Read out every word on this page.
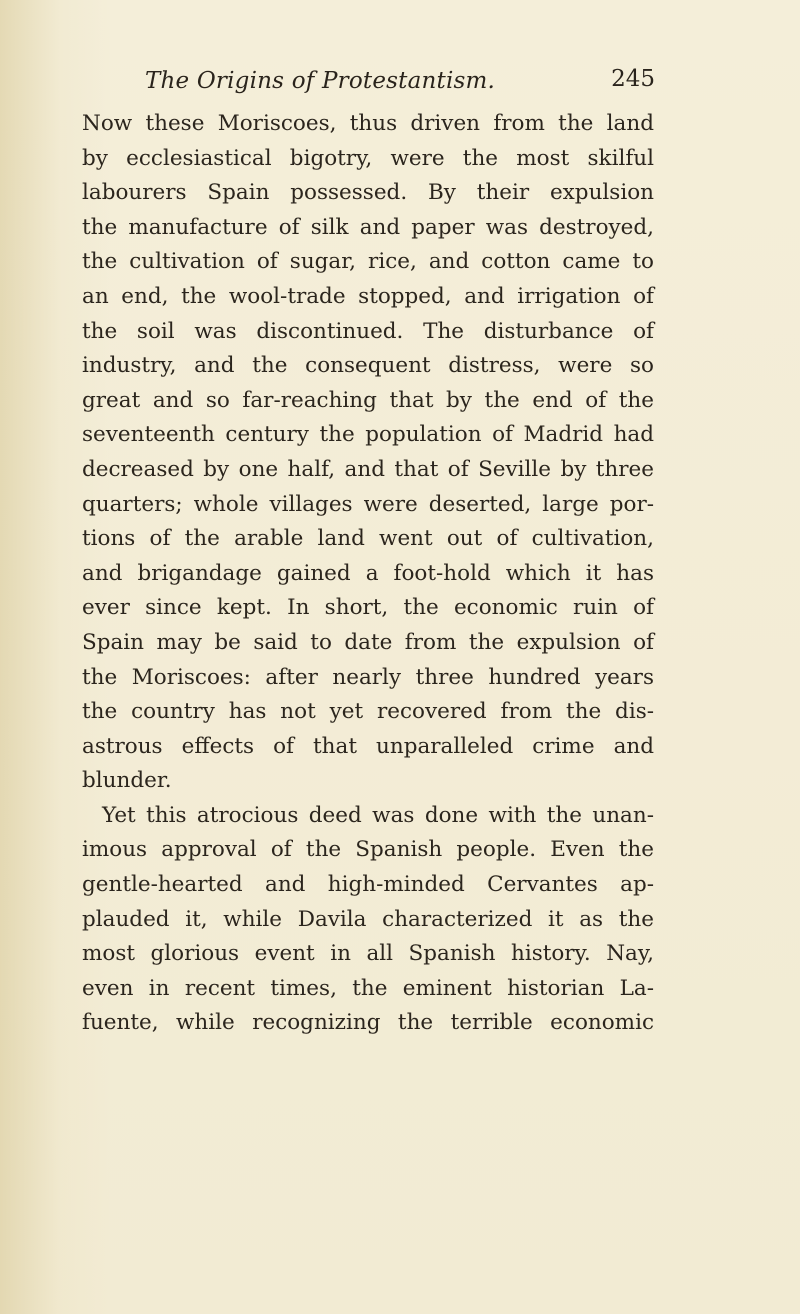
The Origins of Protestantism.	245
Now these Moriscoes, thus driven from the land
by ecclesiastical bigotry, were the most skilful
labourers Spain possessed. By their expulsion
the manufacture of silk and paper was destroyed,
the cultivation of sugar, rice, and cotton came to
an end, the wool-trade stopped, and irrigation of
the soil was discontinued. The disturbance of
industry, and the consequent distress, were so
great and so far-reaching that by the end of the
seventeenth century the population of Madrid had
decreased by one half, and that of Seville by three
quarters; whole villages were deserted, large por-
tions of the arable land went out of cultivation,
and brigandage gained a foot-hold which it has
ever since kept. In short, the economic ruin of
Spain may be said to date from the expulsion of
the Moriscoes: after nearly three hundred years
the country has not yet recovered from the dis-
astrous effects of that unparalleled crime and
blunder.
Yet this atrocious deed was done with the unan-
imous approval of the Spanish people. Even the
gentle-hearted and high-minded Cervantes ap-
plauded it, while Davila characterized it as the
most glorious event in all Spanish history. Nay,
even in recent times, the eminent historian La-
fuente, while recognizing the terrible economic
